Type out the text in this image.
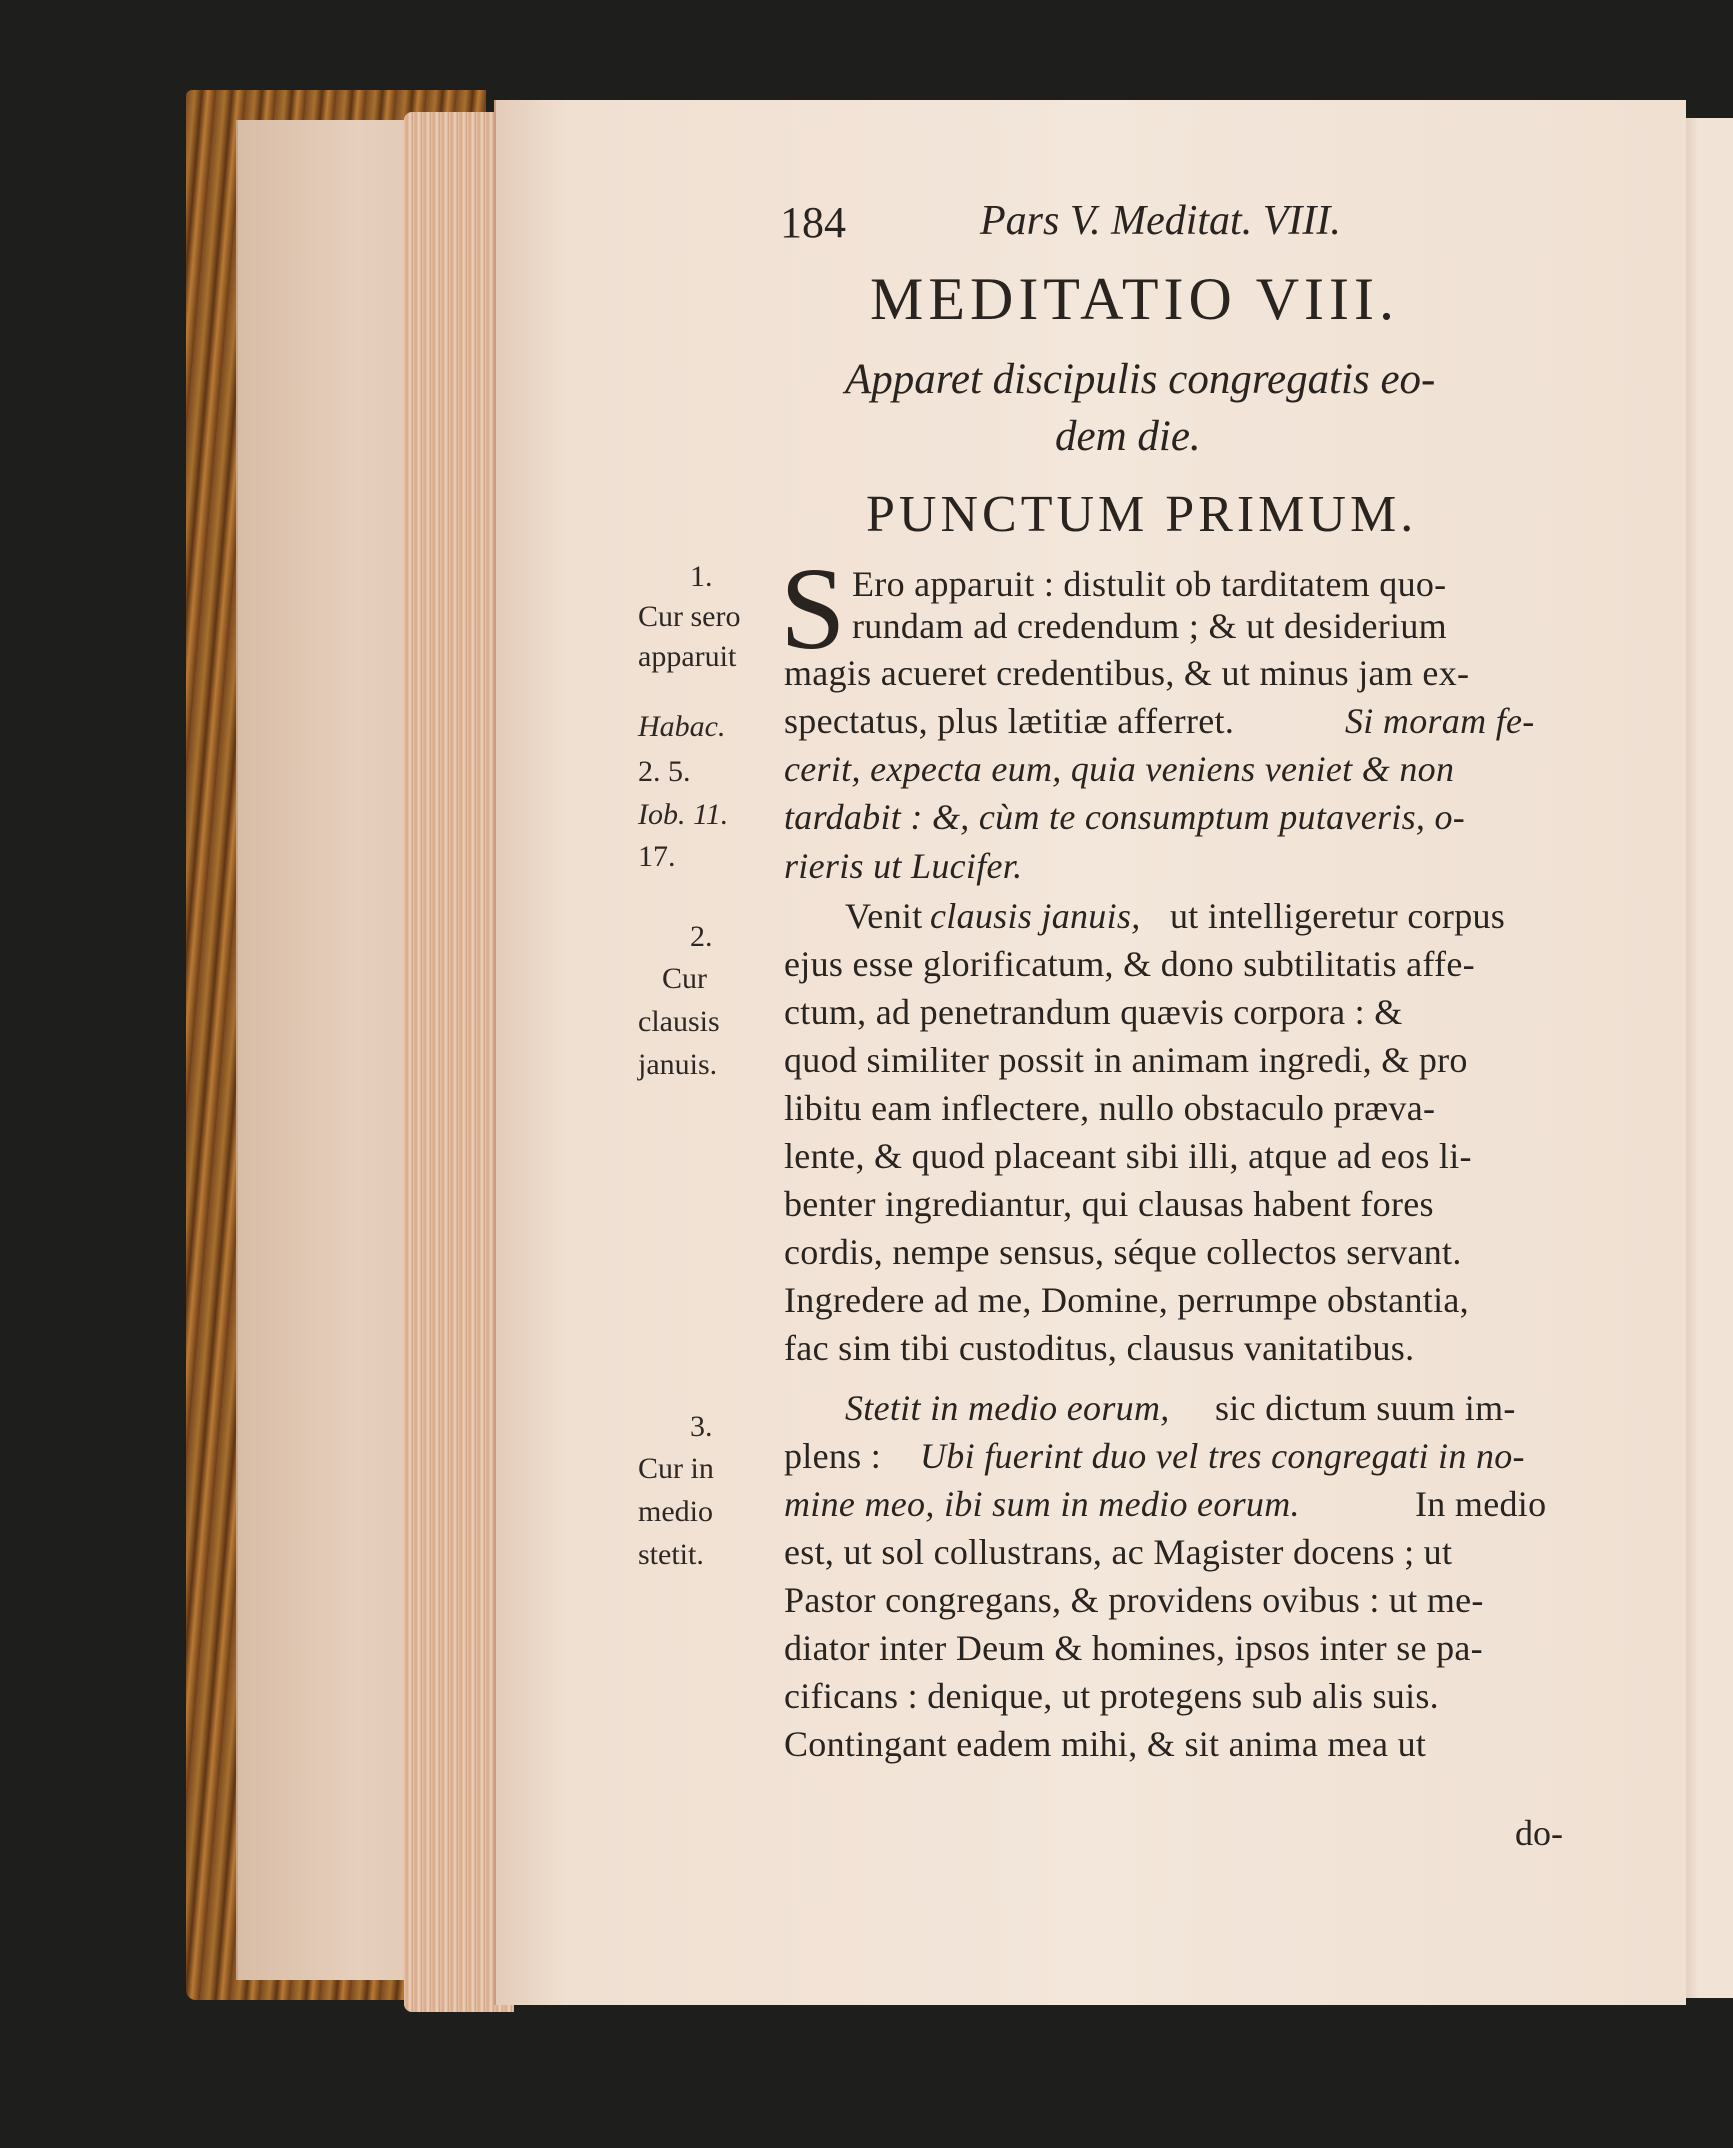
184	Pars V. Meditat. VIII.
MEDITATIO VIII.
Apparet discipulis congregatis eo-
dem die.
PUNCTUM PRIMUM.
S Ero apparuit : distulit ob tarditatem quo-
rundam ad credendum ; & ut desiderium
magis acueret credentibus, & ut minus jam ex-
spectatus, plus lætitiæ afferret.	Si moram fe-
cerit, expecta eum, quia veniens veniet & non
tardabit : &, cùm te consumptum putaveris, o-
rieris ut Lucifer.
Venit clausis januis, ut intelligeretur corpus
ejus esse glorificatum, & dono subtilitatis affe-
ctum, ad penetrandum quævis corpora : &
quod similiter possit in animam ingredi, & pro
libitu eam inflectere, nullo obstaculo præva-
lente, & quod placeant sibi illi, atque ad eos li-
benter ingrediantur, qui clausas habent fores
cordis, nempe sensus, séque collectos servant.
Ingredere ad me, Domine, perrumpe obstantia,
fac sim tibi custoditus, clausus vanitatibus.
Stetit in medio eorum, sic dictum suum im-
plens : Ubi fuerint duo vel tres congregati in no-
mine meo, ibi sum in medio eorum.	In medio
est, ut sol collustrans, ac Magister docens ; ut
Pastor congregans, & providens ovibus : ut me-
diator inter Deum & homines, ipsos inter se pa-
cificans : denique, ut protegens sub alis suis.
Contingant eadem mihi, & sit anima mea ut
do-
1.
Cur sero
apparuit
Habac.
2. 5.
Iob. 11.
17.
2.
Cur
clausis
januis.
3.
Cur in
medio
stetit.
